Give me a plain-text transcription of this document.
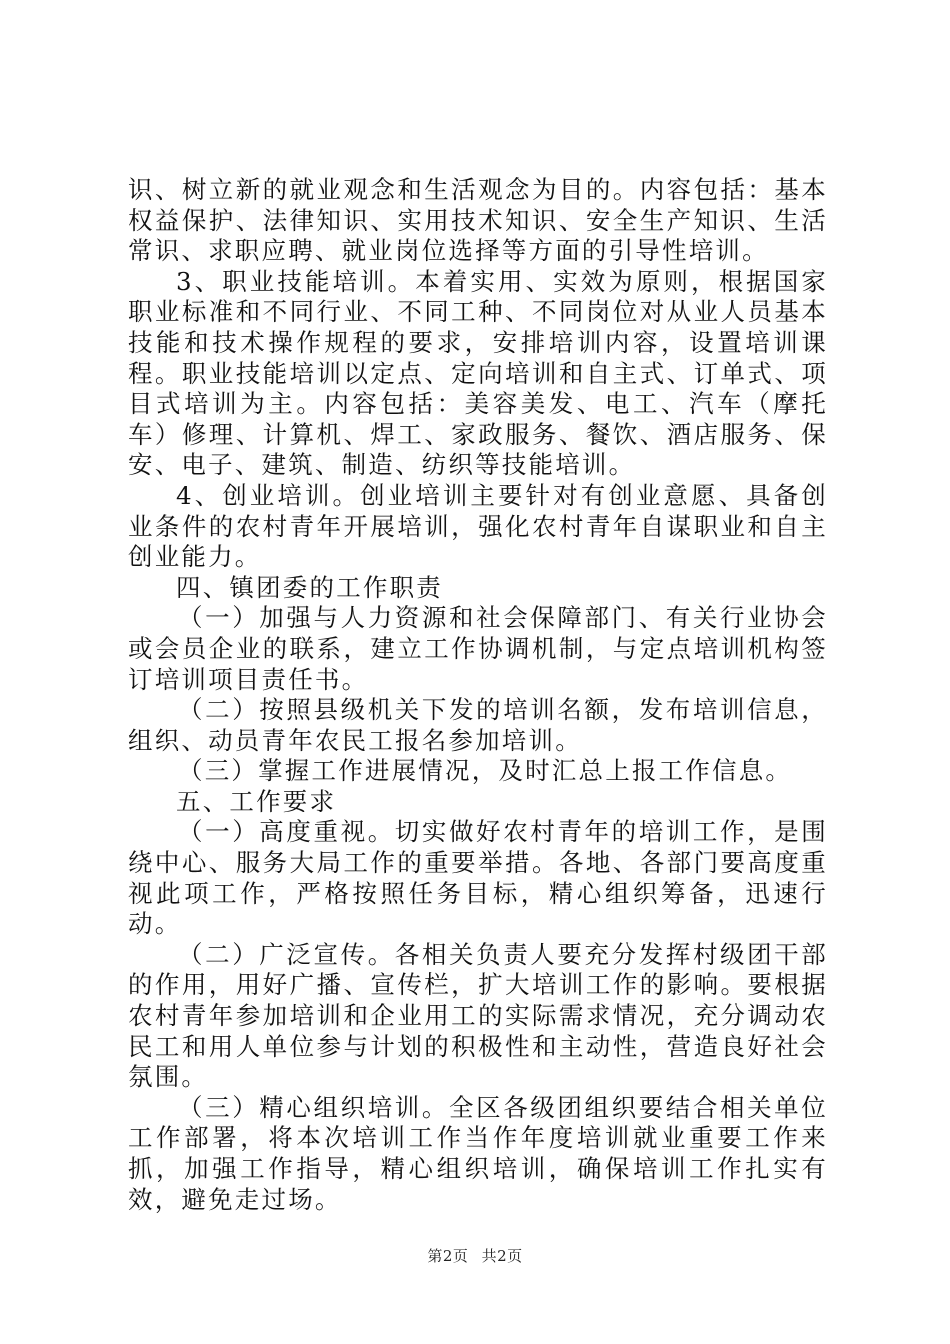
识、树立新的就业观念和生活观念为目的。内容包括：基本权益保护、法律知识、实用技术知识、安全生产知识、生活常识、求职应聘、就业岗位选择等方面的引导性培训。

3、职业技能培训。本着实用、实效为原则，根据国家职业标准和不同行业、不同工种、不同岗位对从业人员基本技能和技术操作规程的要求，安排培训内容，设置培训课程。职业技能培训以定点、定向培训和自主式、订单式、项目式培训为主。内容包括：美容美发、电工、汽车（摩托车）修理、计算机、焊工、家政服务、餐饮、酒店服务、保安、电子、建筑、制造、纺织等技能培训。

4、创业培训。创业培训主要针对有创业意愿、具备创业条件的农村青年开展培训，强化农村青年自谋职业和自主创业能力。

四、镇团委的工作职责

（一）加强与人力资源和社会保障部门、有关行业协会或会员企业的联系，建立工作协调机制，与定点培训机构签订培训项目责任书。

（二）按照县级机关下发的培训名额，发布培训信息，组织、动员青年农民工报名参加培训。

（三）掌握工作进展情况，及时汇总上报工作信息。

五、工作要求

（一）高度重视。切实做好农村青年的培训工作，是围绕中心、服务大局工作的重要举措。各地、各部门要高度重视此项工作，严格按照任务目标，精心组织筹备，迅速行动。

（二）广泛宣传。各相关负责人要充分发挥村级团干部的作用，用好广播、宣传栏，扩大培训工作的影响。要根据农村青年参加培训和企业用工的实际需求情况，充分调动农民工和用人单位参与计划的积极性和主动性，营造良好社会氛围。

（三）精心组织培训。全区各级团组织要结合相关单位工作部署，将本次培训工作当作年度培训就业重要工作来抓，加强工作指导，精心组织培训，确保培训工作扎实有效，避免走过场。

第2页 共2页
